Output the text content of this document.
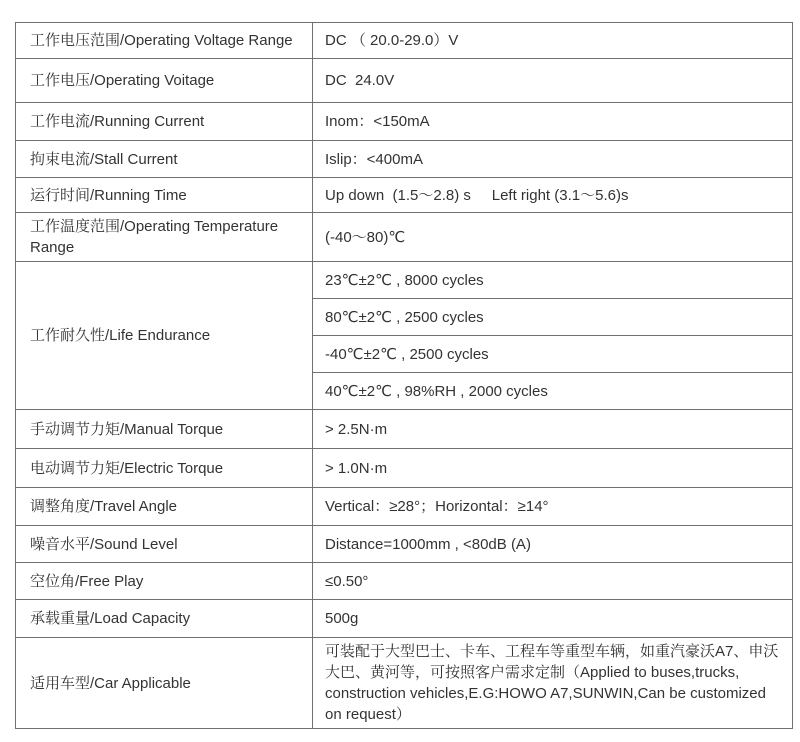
工作电压范围/Operating Voltage Range	DC （ 20.0-29.0）V
工作电压/Operating Voitage	DC  24.0V
工作电流/Running Current	Inom：<150mA
拘束电流/Stall Current	Islip：<400mA
运行时间/Running Time	Up down  (1.5～2.8) s     Left right (3.1～5.6)s
工作温度范围/Operating Temperature Range	(-40～80)℃
工作耐久性/Life Endurance	23℃±2℃ , 8000 cycles
	80℃±2℃ , 2500 cycles
	-40℃±2℃ , 2500 cycles
	40℃±2℃ , 98%RH , 2000 cycles
手动调节力矩/Manual Torque	> 2.5N·m
电动调节力矩/Electric Torque	> 1.0N·m
调整角度/Travel Angle	Vertical：≥28°；Horizontal：≥14°
噪音水平/Sound Level	Distance=1000mm , <80dB (A)
空位角/Free Play	≤0.50°
承载重量/Load Capacity	500g
适用车型/Car Applicable	可装配于大型巴士、卡车、工程车等重型车辆，如重汽豪沃A7、申沃大巴、黄河等，可按照客户需求定制（Applied to buses,trucks, construction vehicles,E.G:HOWO A7,SUNWIN,Can be customized on request）
